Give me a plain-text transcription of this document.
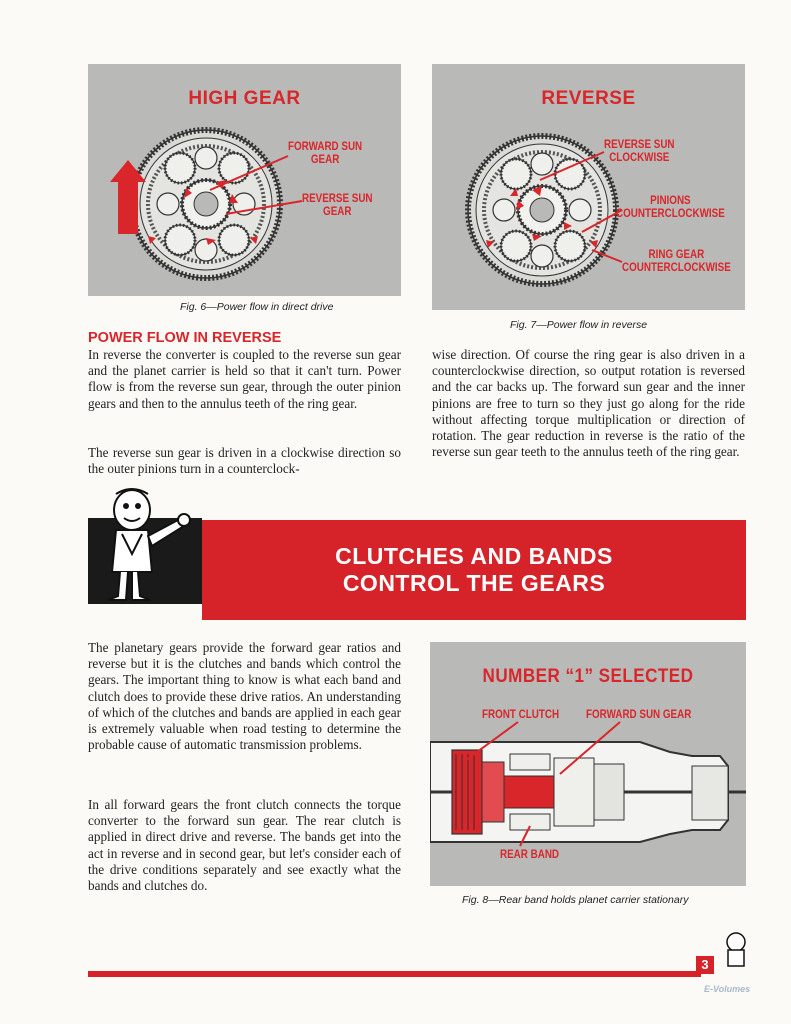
HIGH GEAR
FORWARD SUN
GEAR
REVERSE SUN
GEAR
Fig. 6—Power flow in direct drive
REVERSE
REVERSE SUN
CLOCKWISE
PINIONS
COUNTERCLOCKWISE
RING GEAR
COUNTERCLOCKWISE
Fig. 7—Power flow in reverse
POWER FLOW IN REVERSE

In reverse the converter is coupled to the reverse sun gear and the planet carrier is held so that it can't turn. Power flow is from the reverse sun gear, through the outer pinion gears and then to the annulus teeth of the ring gear.

The reverse sun gear is driven in a clockwise direction so the outer pinions turn in a counterclock-

wise direction. Of course the ring gear is also driven in a counterclockwise direction, so output rotation is reversed and the car backs up. The forward sun gear and the inner pinions are free to turn so they just go along for the ride without affecting torque multiplication or direction of rotation. The gear reduction in reverse is the ratio of the reverse sun gear teeth to the annulus teeth of the ring gear.

CLUTCHES AND BANDS
CONTROL THE GEARS

The planetary gears provide the forward gear ratios and reverse but it is the clutches and bands which control the gears. The important thing to know is what each band and clutch does to provide these drive ratios. An understanding of which of the clutches and bands are applied in each gear is extremely valuable when road testing to determine the probable cause of automatic transmission problems.

In all forward gears the front clutch connects the torque converter to the forward sun gear. The rear clutch is applied in direct drive and reverse. The bands get into the act in reverse and in second gear, but let's consider each of the drive conditions separately and see exactly what the bands and clutches do.

NUMBER “1” SELECTED
FRONT CLUTCH FORWARD SUN GEAR
REAR BAND
Fig. 8—Rear band holds planet carrier stationary
3
E-Volumes
